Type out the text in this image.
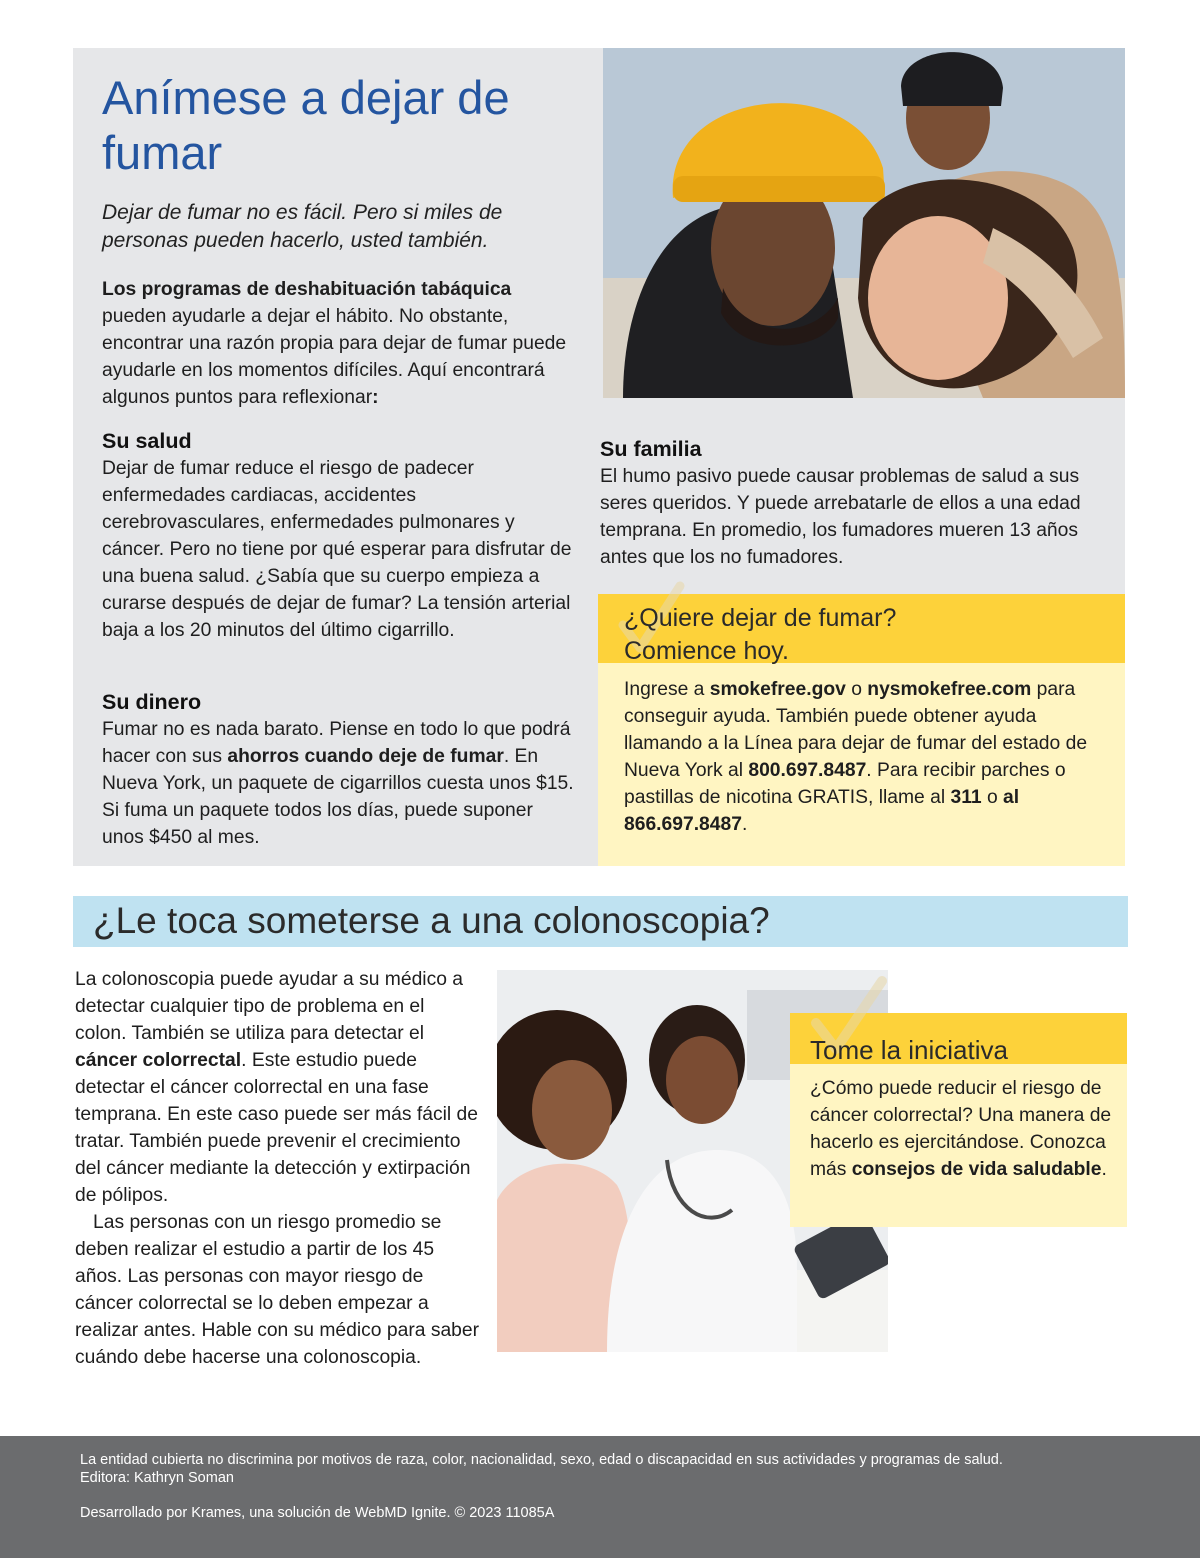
Anímese a dejar de fumar

Dejar de fumar no es fácil. Pero si miles de personas pueden hacerlo, usted también.

Los programas de deshabituación tabáquica pueden ayudarle a dejar el hábito. No obstante, encontrar una razón propia para dejar de fumar puede ayudarle en los momentos difíciles. Aquí encontrará algunos puntos para reflexionar:

Su salud

Dejar de fumar reduce el riesgo de padecer enfermedades cardiacas, accidentes cerebrovasculares, enfermedades pulmonares y cáncer. Pero no tiene por qué esperar para disfrutar de una buena salud. ¿Sabía que su cuerpo empieza a curarse después de dejar de fumar? La tensión arterial baja a los 20 minutos del último cigarrillo.

Su dinero

Fumar no es nada barato. Piense en todo lo que podrá hacer con sus ahorros cuando deje de fumar. En Nueva York, un paquete de cigarrillos cuesta unos $15. Si fuma un paquete todos los días, puede suponer unos $450 al mes.

Su familia

El humo pasivo puede causar problemas de salud a sus seres queridos. Y puede arrebatarle de ellos a una edad temprana. En promedio, los fumadores mueren 13 años antes que los no fumadores.

¿Quiere dejar de fumar?
Comience hoy.

Ingrese a smokefree.gov o nysmokefree.com para conseguir ayuda. También puede obtener ayuda llamando a la Línea para dejar de fumar del estado de Nueva York al 800.697.8487. Para recibir parches o pastillas de nicotina GRATIS, llame al 311 o al 866.697.8487.

¿Le toca someterse a una colonoscopia?

La colonoscopia puede ayudar a su médico a detectar cualquier tipo de problema en el colon. También se utiliza para detectar el cáncer colorrectal. Este estudio puede detectar el cáncer colorrectal en una fase temprana. En este caso puede ser más fácil de tratar. También puede prevenir el crecimiento del cáncer mediante la detección y extirpación de pólipos.

Las personas con un riesgo promedio se deben realizar el estudio a partir de los 45 años. Las personas con mayor riesgo de cáncer colorrectal se lo deben empezar a realizar antes. Hable con su médico para saber cuándo debe hacerse una colonoscopia.

Tome la iniciativa

¿Cómo puede reducir el riesgo de cáncer colorrectal? Una manera de hacerlo es ejercitándose. Conozca más consejos de vida saludable.

La entidad cubierta no discrimina por motivos de raza, color, nacionalidad, sexo, edad o discapacidad en sus actividades y programas de salud.

Editora: Kathryn Soman

Desarrollado por Krames, una solución de WebMD Ignite. © 2023 11085A
